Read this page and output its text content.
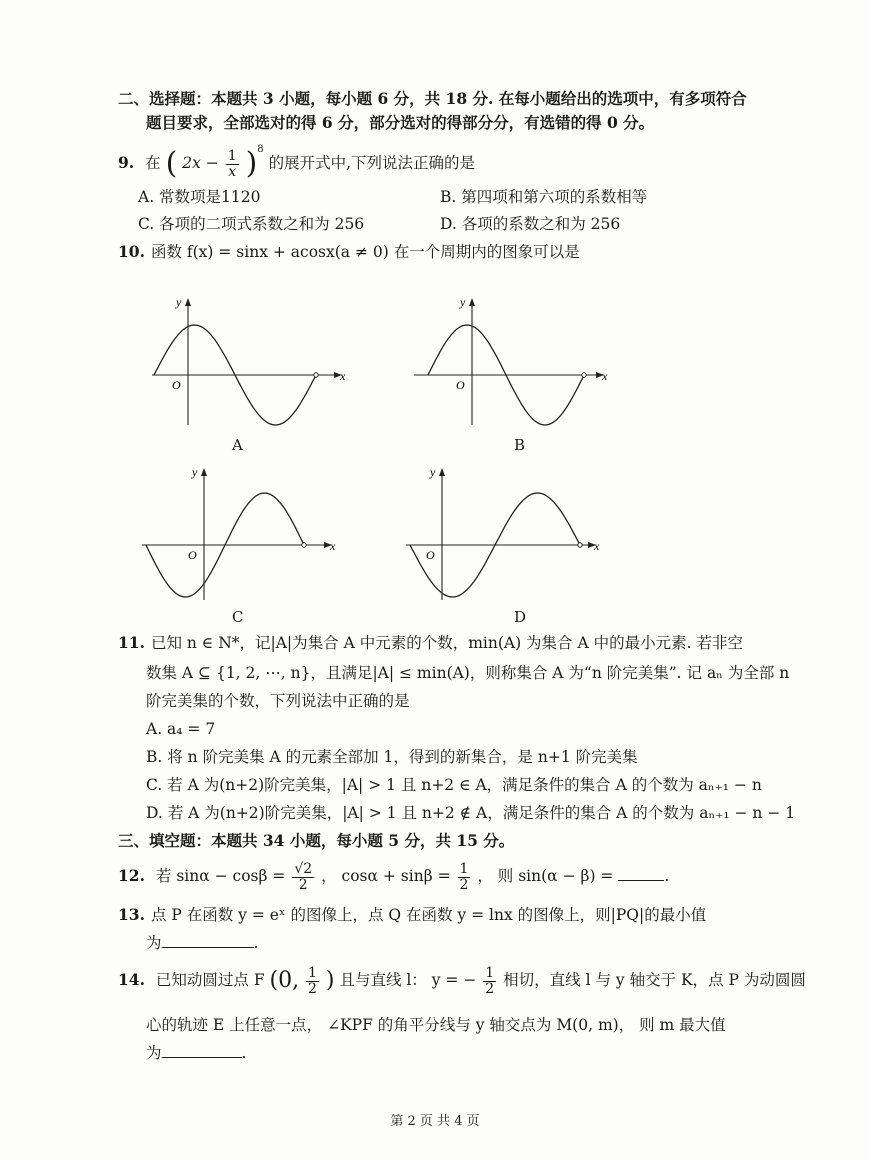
二、选择题：本题共 3 小题，每小题 6 分，共 18 分. 在每小题给出的选项中，有多项符合
题目要求，全部选对的得 6 分，部分选对的得部分分，有选错的得 0 分。
9. 在 ( $2x - \frac{1}{x} )^8$ 的展开式中,下列说法正确的是
A. 常数项是1120	B. 第四项和第六项的系数相等
C. 各项的二项式系数之和为 256	D. 各项的系数之和为 256
10. 函数 f(x) = sinx + acosx(a ≠ 0) 在一个周期内的图象可以是
y
x
O
y
x
O
y
x
O
y
x
O
A	B
C	D
11. 已知 n ∈ N*，记|A|为集合 A 中元素的个数，min(A) 为集合 A 中的最小元素. 若非空
数集 A ⊆ {1, 2, ⋯, n}，且满足|A| ≤ min(A)，则称集合 A 为“n 阶完美集”. 记 aₙ 为全部 n
阶完美集的个数，下列说法中正确的是
A. a₄ = 7
B. 将 n 阶完美集 A 的元素全部加 1，得到的新集合，是 n+1 阶完美集
C. 若 A 为(n+2)阶完美集，|A| > 1 且 n+2 ∈ A，满足条件的集合 A 的个数为 aₙ₊₁ − n
D. 若 A 为(n+2)阶完美集，|A| > 1 且 n+2 ∉ A，满足条件的集合 A 的个数为 aₙ₊₁ − n − 1
三、填空题：本题共 34 小题，每小题 5 分，共 15 分。
12. 若 $\sin\alpha - \cos\beta = \frac{√2}{2}$ ， $\cos\alpha + \sin\beta = \frac{1}{2}$ ， 则 sin(α − β) =	.
13. 点 P 在函数 y = eˣ 的图像上，点 Q 在函数 y = lnx 的图像上，则|PQ|的最小值
为	.
14. 已知动圆过点 F (0, $\frac{1}{2}$ ) 且与直线 l： y = − $\frac{1}{2}$ 相切，直线 l 与 y 轴交于 K，点 P 为动圆圆
心的轨迹 E 上任意一点， ∠KPF 的角平分线与 y 轴交点为 M(0, m)， 则 m 最大值
为	.
第 2 页 共 4 页
